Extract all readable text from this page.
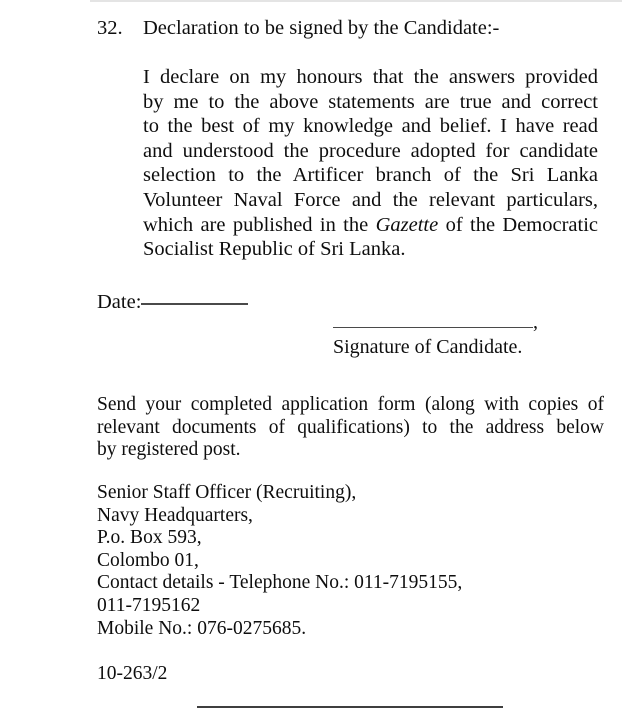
32. Declaration to be signed by the Candidate:-
I declare on my honours that the answers provided
by me to the above statements are true and correct
to the best of my knowledge and belief. I have read
and understood the procedure adopted for candidate
selection to the Artificer branch of the Sri Lanka
Volunteer Naval Force and the relevant particulars,
which are published in the Gazette of the Democratic
Socialist Republic of Sri Lanka.
Date:
,
Signature of Candidate.
Send your completed application form (along with copies of
relevant documents of qualifications) to the address below
by registered post.
Senior Staff Officer (Recruiting),
Navy Headquarters,
P.o. Box 593,
Colombo 01,
Contact details - Telephone No.: 011-7195155,
011-7195162
Mobile No.: 076-0275685.
10-263/2
